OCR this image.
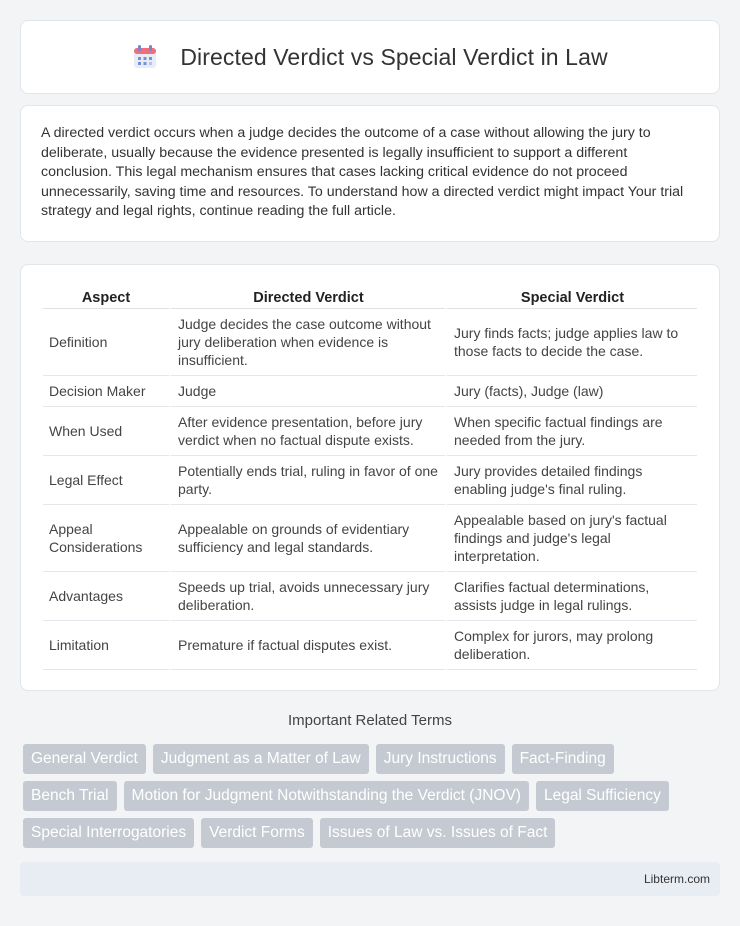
Directed Verdict vs Special Verdict in Law

A directed verdict occurs when a judge decides the outcome of a case without allowing the jury to deliberate, usually because the evidence presented is legally insufficient to support a different conclusion. This legal mechanism ensures that cases lacking critical evidence do not proceed unnecessarily, saving time and resources. To understand how a directed verdict might impact Your trial strategy and legal rights, continue reading the full article.

Aspect	Directed Verdict	Special Verdict
Definition	Judge decides the case outcome without jury deliberation when evidence is insufficient.	Jury finds facts; judge applies law to those facts to decide the case.
Decision Maker	Judge	Jury (facts), Judge (law)
When Used	After evidence presentation, before jury verdict when no factual dispute exists.	When specific factual findings are needed from the jury.
Legal Effect	Potentially ends trial, ruling in favor of one party.	Jury provides detailed findings enabling judge's final ruling.
Appeal Considerations	Appealable on grounds of evidentiary sufficiency and legal standards.	Appealable based on jury's factual findings and judge's legal interpretation.
Advantages	Speeds up trial, avoids unnecessary jury deliberation.	Clarifies factual determinations, assists judge in legal rulings.
Limitation	Premature if factual disputes exist.	Complex for jurors, may prolong deliberation.
Important Related Terms
General Verdict Judgment as a Matter of Law Jury Instructions Fact-Finding
Bench Trial Motion for Judgment Notwithstanding the Verdict (JNOV) Legal Sufficiency
Special Interrogatories Verdict Forms Issues of Law vs. Issues of Fact
Libterm.com
